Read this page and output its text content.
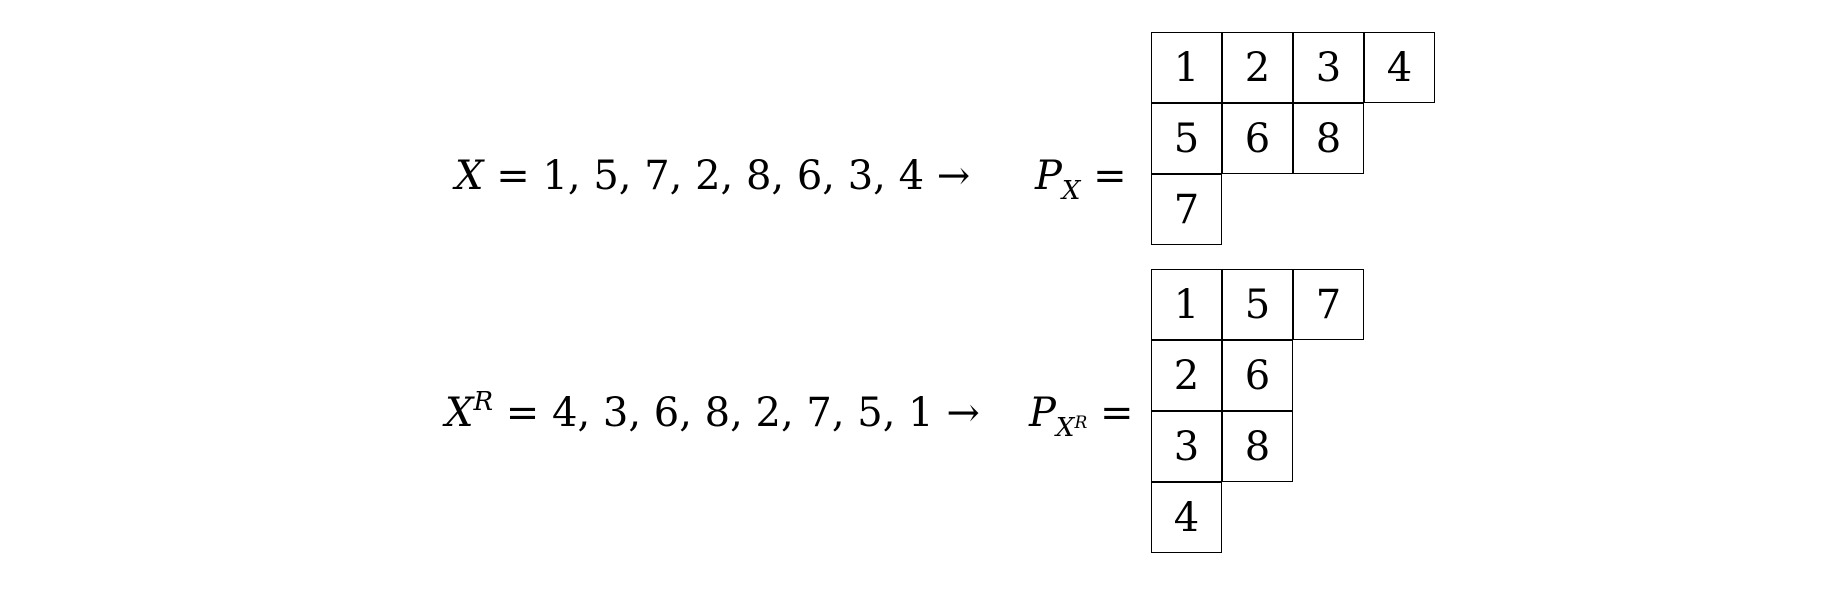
X = 1, 5, 7, 2, 8, 6, 3, $4 \to P_X$ =
1	2	3	4
5	6	8
7
$X^R = 4$, 3, 6, 8, 2, 7, 5, $1 \to P_{X^R}$ =
1	5	7
2	6
3	8
4
